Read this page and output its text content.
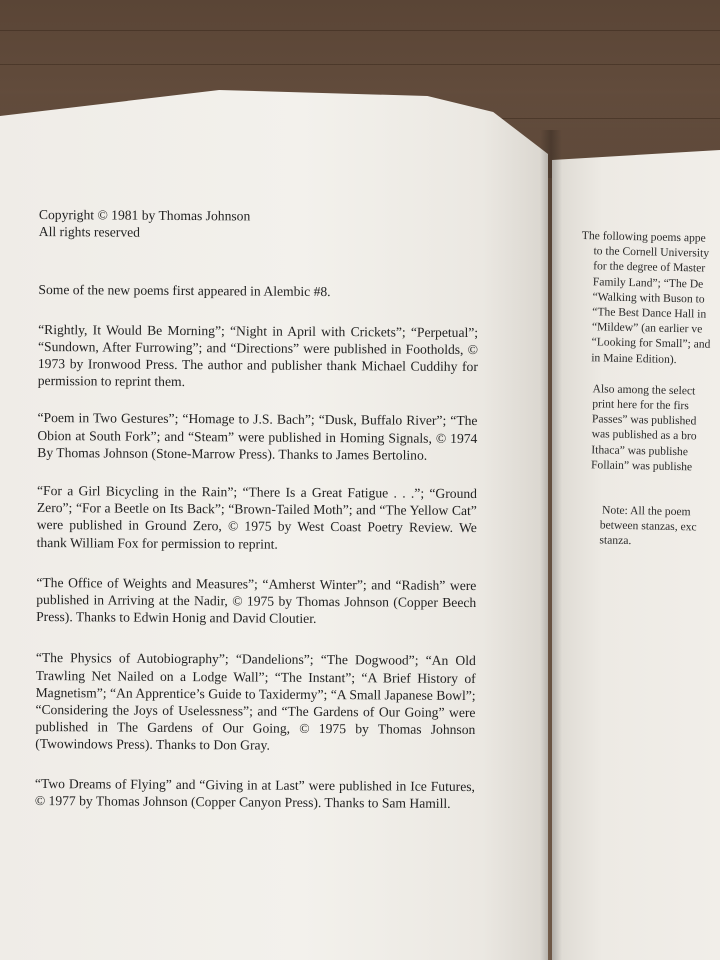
Copyright © 1981 by Thomas Johnson

All rights reserved

Some of the new poems first appeared in Alembic #8.

“Rightly, It Would Be Morning”; “Night in April with Crickets”; “Perpetual”; “Sundown, After Furrowing”; and “Directions” were published in Footholds, © 1973 by Ironwood Press. The author and publisher thank Michael Cuddihy for permission to reprint them.

“Poem in Two Gestures”; “Homage to J.S. Bach”; “Dusk, Buffalo River”; “The Obion at South Fork”; and “Steam” were published in Homing Signals, © 1974 By Thomas Johnson (Stone-Marrow Press). Thanks to James Bertolino.

“For a Girl Bicycling in the Rain”; “There Is a Great Fatigue . . .”; “Ground Zero”; “For a Beetle on Its Back”; “Brown-Tailed Moth”; and “The Yellow Cat” were published in Ground Zero, © 1975 by West Coast Poetry Review. We thank William Fox for permission to reprint.

“The Office of Weights and Measures”; “Amherst Winter”; and “Radish” were published in Arriving at the Nadir, © 1975 by Thomas Johnson (Copper Beech Press). Thanks to Edwin Honig and David Cloutier.

“The Physics of Autobiography”; “Dandelions”; “The Dogwood”; “An Old Trawling Net Nailed on a Lodge Wall”; “The Instant”; “A Brief History of Magnetism”; “An Apprentice’s Guide to Taxidermy”; “A Small Japanese Bowl”; “Considering the Joys of Uselessness”; and “The Gardens of Our Going” were published in The Gardens of Our Going, © 1975 by Thomas Johnson (Twowindows Press). Thanks to Don Gray.

“Two Dreams of Flying” and “Giving in at Last” were published in Ice Futures, © 1977 by Thomas Johnson (Copper Canyon Press). Thanks to Sam Hamill.

The following poems appe
to the Cornell University
for the degree of Master
Family Land”; “The De
“Walking with Buson to
“The Best Dance Hall in
“Mildew” (an earlier ve
“Looking for Small”; and
in Maine Edition).
Also among the select
print here for the firs
Passes” was published
was published as a bro
Ithaca” was publishe
Follain” was publishe
Note: All the poem
between stanzas, exc
stanza.
